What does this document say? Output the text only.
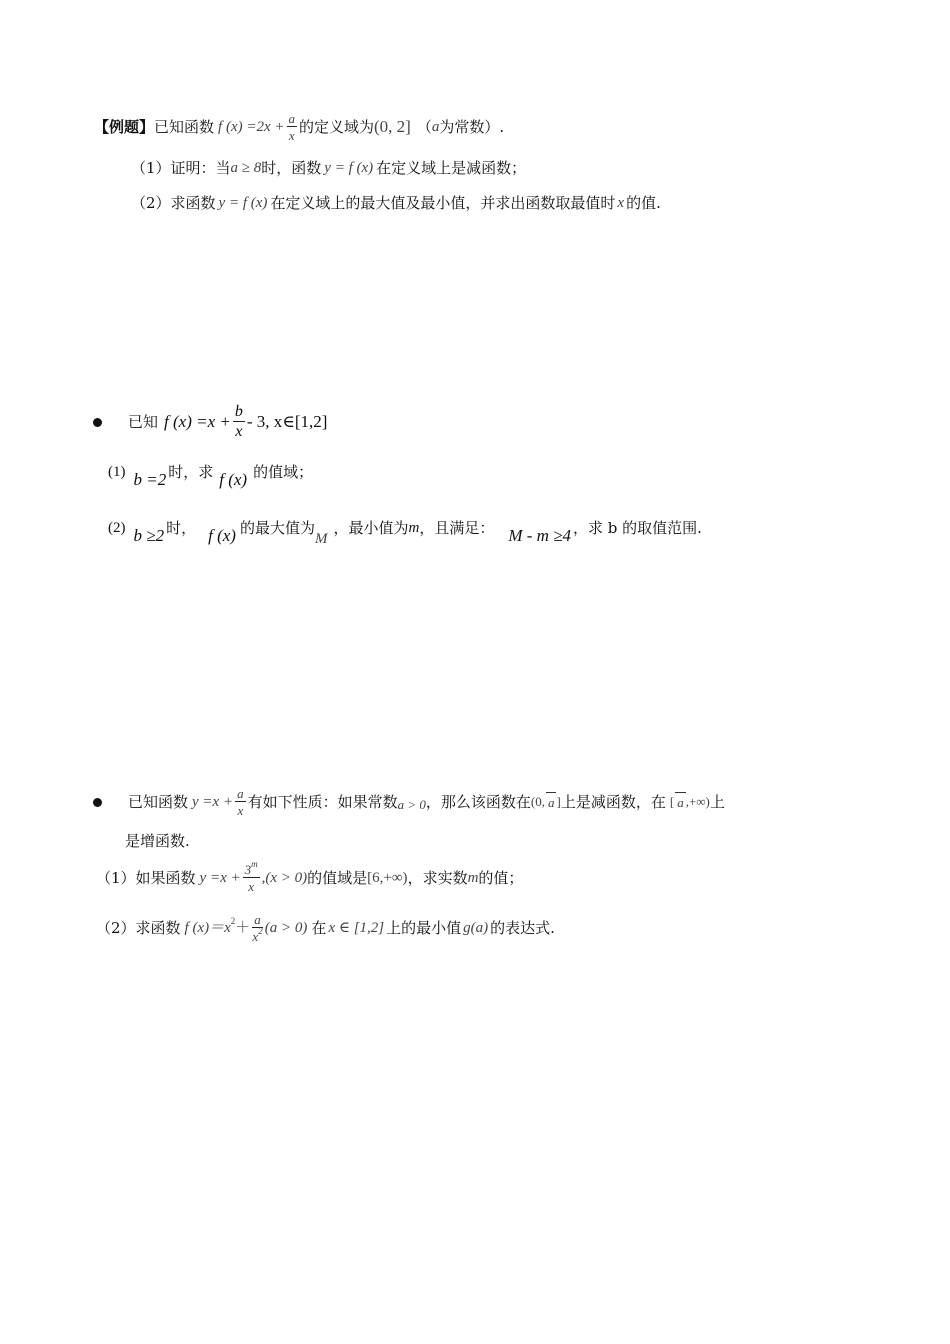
【例题】 已知函数 f $(x) =2x + \frac{a}{x}$ 的定义域为 (0, 2] （ a 为常数）.
（1）证明：当 a ≥ 8 时，函数 y = f (x) 在定义域上是减函数；
（2）求函数 y = f (x) 在定义域上的最大值及最小值，并求出函数取最值时 x 的值.
已知 f $(x) =x + \frac{b}{x} - 3$, x∈[1,2]
(1) b =2 时，求 f (x) 的值域；
(2) b ≥2 时， f (x) 的最大值为
M
，最小值为 m ，且满足： M - m ≥4 ，求 b 的取值范围.
已知函数 $y =x + \frac{a}{x}$ 有如下性质：如果常数 a > 0 ，那么该函数在 (0, a ] 上是减函数，在 [ a ,+∞) 上
是增函数.
（1）如果函数 $y =x + \frac{3^m}{x} ,(x > 0)$ 的值域是 [6,+∞) ，求实数 m 的值；
（2）求函数 f (x)＝x $2 + \frac{a}{x^2} (a > 0)$ 在 x ∈ [1,2] 上的最小值 g(a) 的表达式.
